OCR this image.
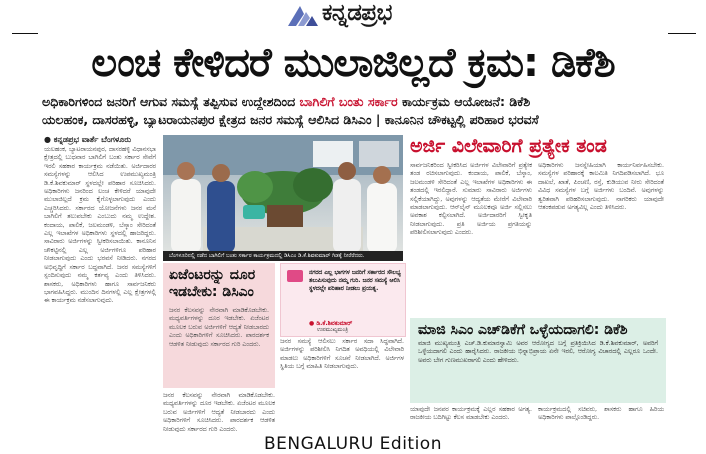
ಕನ್ನಡಪ್ರಭ
ಲಂಚ ಕೇಳಿದರೆ ಮುಲಾಜಿಲ್ಲದೆ ಕ್ರಮ: ಡಿಕೆಶಿ
ಅಧಿಕಾರಿಗಳಿಂದ ಜನರಿಗೆ ಆಗುವ ಸಮಸ್ಯೆ ತಪ್ಪಿಸುವ ಉದ್ದೇಶದಿಂದ ಬಾಗಿಲಿಗೆ ಬಂತು ಸರ್ಕಾರ ಕಾರ್ಯಕ್ರಮ ಆಯೋಜನೆ: ಡಿಕೆಶಿ
ಯಲಹಂಕ, ದಾಸರಹಳ್ಳಿ, ಬ್ಯಾಟರಾಯನಪುರ ಕ್ಷೇತ್ರದ ಜನರ ಸಮಸ್ಯೆ ಆಲಿಸಿದ ಡಿಸಿಎಂ | ಕಾನೂನಿನ ಚೌಕಟ್ಟಲ್ಲಿ ಪರಿಹಾರ ಭರವಸೆ
● ಕನ್ನಡಪ್ರಭ ವಾರ್ತೆ ಬೆಂಗಳೂರು
ಯಲಹಂಕ, ಬ್ಯಾಟರಾಯನಪುರ, ದಾಸರಹಳ್ಳಿ ವಿಧಾನಸಭಾ ಕ್ಷೇತ್ರದಲ್ಲಿ ಬುಧವಾರ ಬಾಗಿಲಿಗೆ ಬಂತು ಸರ್ಕಾರ ಸೇವೆಗೆ ಇರಲಿ ಸಹಕಾರ ಕಾರ್ಯಕ್ರಮ ನಡೆಯಿತು. ಅರ್ಜಿದಾರರ ಸಮಸ್ಯೆಗಳನ್ನು ಆಲಿಸಿದ ಉಪಮುಖ್ಯಮಂತ್ರಿ ಡಿ.ಕೆ.ಶಿವಕುಮಾರ್ ಸ್ಥಳದಲ್ಲೇ ಪರಿಹಾರ ಸೂಚಿಸಿದರು. ಅಧಿಕಾರಿಗಳು ಜನರಿಂದ ಲಂಚ ಕೇಳಿದರೆ ಯಾವುದೇ ಮುಲಾಜಿಲ್ಲದೆ ಕ್ರಮ ಕೈಗೊಳ್ಳಲಾಗುವುದು ಎಂದು ಎಚ್ಚರಿಸಿದರು. ಸರ್ಕಾರದ ಯೋಜನೆಗಳು ಜನರ ಮನೆ ಬಾಗಿಲಿಗೆ ತಲುಪಬೇಕು ಎಂಬುದು ನಮ್ಮ ಉದ್ದೇಶ. ಕಂದಾಯ, ಪಾಲಿಕೆ, ಜಲಮಂಡಳಿ, ಬೆಸ್ಕಾಂ ಸೇರಿದಂತೆ ಎಲ್ಲ ಇಲಾಖೆಗಳ ಅಧಿಕಾರಿಗಳು ಸ್ಥಳದಲ್ಲಿ ಹಾಜರಿದ್ದರು. ಸಾವಿರಾರು ಅರ್ಜಿಗಳನ್ನು ಸ್ವೀಕರಿಸಲಾಯಿತು. ಕಾನೂನಿನ ಚೌಕಟ್ಟಿನಲ್ಲಿ ಎಲ್ಲ ಅರ್ಜಿಗಳಿಗೂ ಪರಿಹಾರ ನೀಡಲಾಗುವುದು ಎಂದು ಭರವಸೆ ನೀಡಿದರು. ನಗರದ ಅಭಿವೃದ್ಧಿಗೆ ಸರ್ಕಾರ ಬದ್ಧವಾಗಿದೆ. ಜನರ ಸಮಸ್ಯೆಗಳಿಗೆ ಸ್ಪಂದಿಸುವುದು ನಮ್ಮ ಕರ್ತವ್ಯ ಎಂದು ತಿಳಿಸಿದರು. ಶಾಸಕರು, ಅಧಿಕಾರಿಗಳು ಹಾಗೂ ಸಾರ್ವಜನಿಕರು ಭಾಗವಹಿಸಿದ್ದರು. ಮುಂದಿನ ದಿನಗಳಲ್ಲಿ ಎಲ್ಲ ಕ್ಷೇತ್ರಗಳಲ್ಲಿ ಈ ಕಾರ್ಯಕ್ರಮ ನಡೆಸಲಾಗುವುದು.
ಬೆಂಗಳೂರಿನಲ್ಲಿ ನಡೆದ ಬಾಗಿಲಿಗೆ ಬಂತು ಸರ್ಕಾರ ಕಾರ್ಯಕ್ರಮದಲ್ಲಿ ಡಿಸಿಎಂ ಡಿ.ಕೆ.ಶಿವಕುಮಾರ್ ಗಿಡಕ್ಕೆ ನೀರೆರೆದರು.
ಏಜೆಂಟರನ್ನು ದೂರ ಇಡಬೇಕು: ಡಿಸಿಎಂ
ಜನರ ಕೆಲಸವನ್ನು ನೇರವಾಗಿ ಮಾಡಿಕೊಡಬೇಕು. ಮಧ್ಯವರ್ತಿಗಳನ್ನು ದೂರ ಇಡಬೇಕು. ಏಜೆಂಟರ ಮೂಲಕ ಬರುವ ಅರ್ಜಿಗಳಿಗೆ ಆದ್ಯತೆ ನೀಡಬಾರದು ಎಂದು ಅಧಿಕಾರಿಗಳಿಗೆ ಸೂಚಿಸಿದರು. ಪಾರದರ್ಶಕ ಆಡಳಿತ ನೀಡುವುದು ಸರ್ಕಾರದ ಗುರಿ ಎಂದರು.
ನಗರದ ಎಲ್ಲ ಭಾಗಗಳ ಜನರಿಗೆ ಸರ್ಕಾರದ ಸೌಲಭ್ಯ ತಲುಪಿಸುವುದು ನಮ್ಮ ಗುರಿ. ಜನರ ಸಮಸ್ಯೆ ಆಲಿಸಿ ಸ್ಥಳದಲ್ಲೇ ಪರಿಹಾರ ನೀಡಲು ಪ್ರಯತ್ನ.
● ಡಿ.ಕೆ.ಶಿವಕುಮಾರ್
ಉಪಮುಖ್ಯಮಂತ್ರಿ
ಜನರ ಸಮಸ್ಯೆ ಆಲಿಸಲು ಸರ್ಕಾರ ಸದಾ ಸಿದ್ಧವಾಗಿದೆ. ಅರ್ಜಿಗಳನ್ನು ಪರಿಶೀಲಿಸಿ ನಿಗದಿತ ಅವಧಿಯಲ್ಲಿ ವಿಲೇವಾರಿ ಮಾಡಲು ಅಧಿಕಾರಿಗಳಿಗೆ ಸೂಚನೆ ನೀಡಲಾಗಿದೆ. ಅರ್ಜಿಗಳ ಸ್ಥಿತಿಯ ಬಗ್ಗೆ ಮಾಹಿತಿ ನೀಡಲಾಗುವುದು.
ಜನರ ಕೆಲಸವನ್ನು ನೇರವಾಗಿ ಮಾಡಿಕೊಡಬೇಕು. ಮಧ್ಯವರ್ತಿಗಳನ್ನು ದೂರ ಇಡಬೇಕು. ಏಜೆಂಟರ ಮೂಲಕ ಬರುವ ಅರ್ಜಿಗಳಿಗೆ ಆದ್ಯತೆ ನೀಡಬಾರದು ಎಂದು ಅಧಿಕಾರಿಗಳಿಗೆ ಸೂಚಿಸಿದರು. ಪಾರದರ್ಶಕ ಆಡಳಿತ ನೀಡುವುದು ಸರ್ಕಾರದ ಗುರಿ ಎಂದರು.
ಅರ್ಜಿ ವಿಲೇವಾರಿಗೆ ಪ್ರತ್ಯೇಕ ತಂಡ
ಸಾರ್ವಜನಿಕರಿಂದ ಸ್ವೀಕರಿಸಿದ ಅರ್ಜಿಗಳ ವಿಲೇವಾರಿಗೆ ಪ್ರತ್ಯೇಕ ತಂಡ ರಚಿಸಲಾಗುವುದು. ಕಂದಾಯ, ಪಾಲಿಕೆ, ಬೆಸ್ಕಾಂ, ಜಲಮಂಡಳಿ ಸೇರಿದಂತೆ ಎಲ್ಲ ಇಲಾಖೆಗಳ ಅಧಿಕಾರಿಗಳು ಈ ತಂಡದಲ್ಲಿ ಇರಲಿದ್ದಾರೆ. ಸುಮಾರು ಸಾವಿರಾರು ಅರ್ಜಿಗಳು ಸಲ್ಲಿಕೆಯಾಗಿದ್ದು, ಅವುಗಳನ್ನು ಆದ್ಯತೆಯ ಮೇರೆಗೆ ವಿಲೇವಾರಿ ಮಾಡಲಾಗುವುದು. ಆನ್‌ಲೈನ್ ಮೂಲಕವೂ ಅರ್ಜಿ ಸಲ್ಲಿಸಲು ಅವಕಾಶ ಕಲ್ಪಿಸಲಾಗಿದೆ. ಅರ್ಜಿದಾರರಿಗೆ ಸ್ವೀಕೃತಿ ನೀಡಲಾಗುವುದು. ಪ್ರತಿ ಅರ್ಜಿಯ ಪ್ರಗತಿಯನ್ನು ಪರಿಶೀಲಿಸಲಾಗುವುದು ಎಂದರು.
ಅಧಿಕಾರಿಗಳು ಜನಸ್ನೇಹಿಯಾಗಿ ಕಾರ್ಯನಿರ್ವಹಿಸಬೇಕು. ಸಮಸ್ಯೆಗಳ ಪರಿಹಾರಕ್ಕೆ ಕಾಲಮಿತಿ ನಿಗದಿಪಡಿಸಲಾಗಿದೆ. ಭೂ ದಾಖಲೆ, ಖಾತೆ, ಪಿಂಚಣಿ, ರಸ್ತೆ, ಕುಡಿಯುವ ನೀರು ಸೇರಿದಂತೆ ವಿವಿಧ ಸಮಸ್ಯೆಗಳ ಬಗ್ಗೆ ಅರ್ಜಿಗಳು ಬಂದಿವೆ. ಅವುಗಳನ್ನು ತ್ವರಿತವಾಗಿ ಪರಿಹರಿಸಲಾಗುವುದು. ನಾಗರಿಕರು ಯಾವುದೇ ಆತಂಕಪಡುವ ಅಗತ್ಯವಿಲ್ಲ ಎಂದು ತಿಳಿಸಿದರು.
ಮಾಜಿ ಸಿಎಂ ಎಚ್‌ಡಿಕೆಗೆ ಒಳ್ಳೆಯದಾಗಲಿ: ಡಿಕೆಶಿ
ಮಾಜಿ ಮುಖ್ಯಮಂತ್ರಿ ಎಚ್.ಡಿ.ಕುಮಾರಸ್ವಾಮಿ ಅವರ ಆರೋಗ್ಯದ ಬಗ್ಗೆ ಪ್ರತಿಕ್ರಿಯಿಸಿದ ಡಿ.ಕೆ.ಶಿವಕುಮಾರ್, ಅವರಿಗೆ ಒಳ್ಳೆಯದಾಗಲಿ ಎಂದು ಹಾರೈಸಿದರು. ರಾಜಕೀಯ ಭಿನ್ನಾಭಿಪ್ರಾಯ ಏನೇ ಇರಲಿ, ಆರೋಗ್ಯ ವಿಚಾರದಲ್ಲಿ ಎಲ್ಲರೂ ಒಂದೇ. ಅವರು ಬೇಗ ಗುಣಮುಖರಾಗಲಿ ಎಂದು ಹೇಳಿದರು.
ಯಾವುದೇ ಜನಪರ ಕಾರ್ಯಕ್ರಮಕ್ಕೆ ಎಲ್ಲರ ಸಹಕಾರ ಅಗತ್ಯ. ರಾಜಕೀಯ ಬದಿಗಿಟ್ಟು ಕೆಲಸ ಮಾಡಬೇಕು ಎಂದರು.
ಕಾರ್ಯಕ್ರಮದಲ್ಲಿ ಸಚಿವರು, ಶಾಸಕರು ಹಾಗೂ ಹಿರಿಯ ಅಧಿಕಾರಿಗಳು ಪಾಲ್ಗೊಂಡಿದ್ದರು.
BENGALURU Edition
